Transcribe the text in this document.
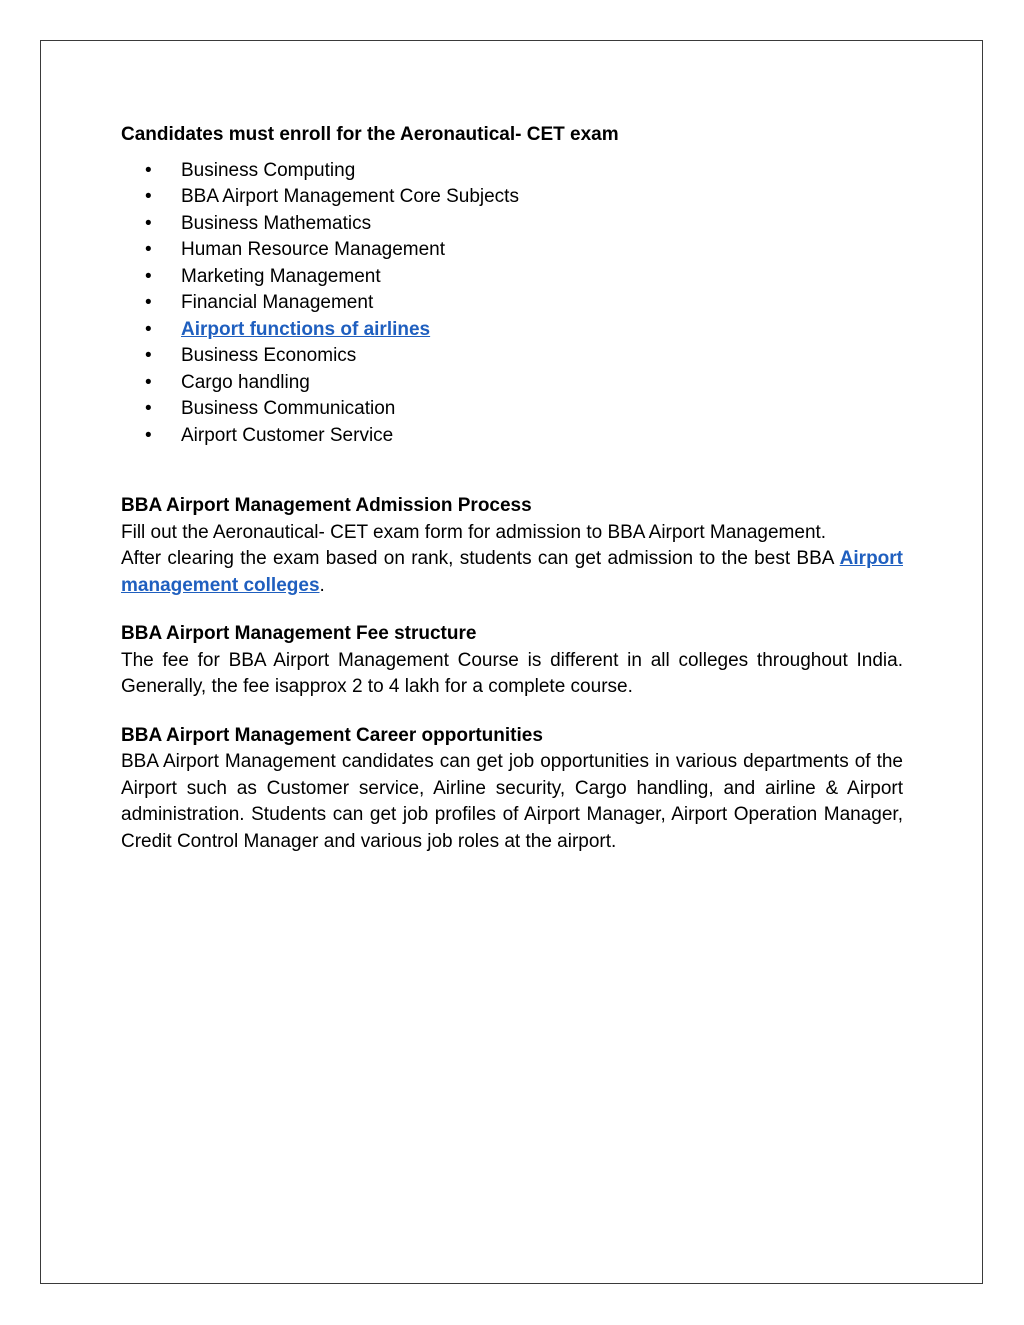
Candidates must enroll for the Aeronautical- CET exam

• Business Computing
• BBA Airport Management Core Subjects
• Business Mathematics
• Human Resource Management
• Marketing Management
• Financial Management
• Airport functions of airlines
• Business Economics
• Cargo handling
• Business Communication
• Airport Customer Service

BBA Airport Management Admission Process

Fill out the Aeronautical- CET exam form for admission to BBA Airport Management.

After clearing the exam based on rank, students can get admission to the best BBA Airport management colleges.

BBA Airport Management Fee structure

The fee for BBA Airport Management Course is different in all colleges throughout India. Generally, the fee isapprox 2 to 4 lakh for a complete course.

BBA Airport Management Career opportunities

BBA Airport Management candidates can get job opportunities in various departments of the Airport such as Customer service, Airline security, Cargo handling, and airline & Airport administration. Students can get job profiles of Airport Manager, Airport Operation Manager, Credit Control Manager and various job roles at the airport.
